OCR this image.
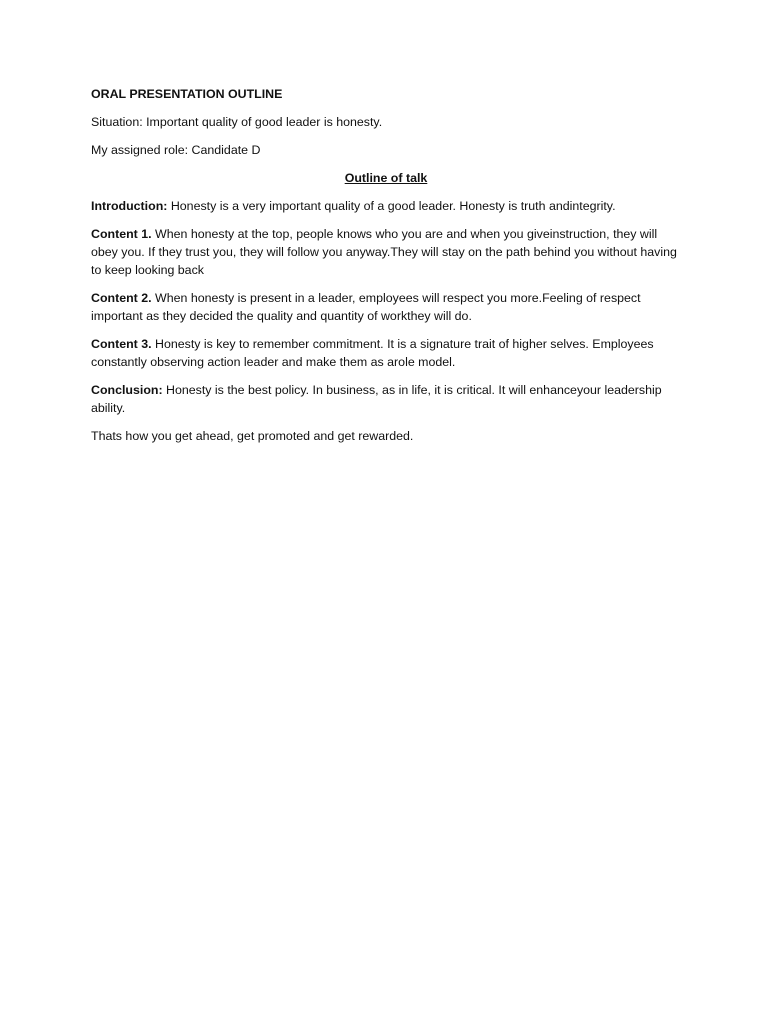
ORAL PRESENTATION OUTLINE

Situation: Important quality of good leader is honesty.

My assigned role: Candidate D

Outline of talk

Introduction: Honesty is a very important quality of a good leader. Honesty is truth andintegrity.

Content 1. When honesty at the top, people knows who you are and when you giveinstruction, they will obey you. If they trust you, they will follow you anyway.They will stay on the path behind you without having to keep looking back

Content 2. When honesty is present in a leader, employees will respect you more.Feeling of respect important as they decided the quality and quantity of workthey will do.

Content 3. Honesty is key to remember commitment. It is a signature trait of higher selves. Employees constantly observing action leader and make them as arole model.

Conclusion: Honesty is the best policy. In business, as in life, it is critical. It will enhanceyour leadership ability.

Thats how you get ahead, get promoted and get rewarded.
